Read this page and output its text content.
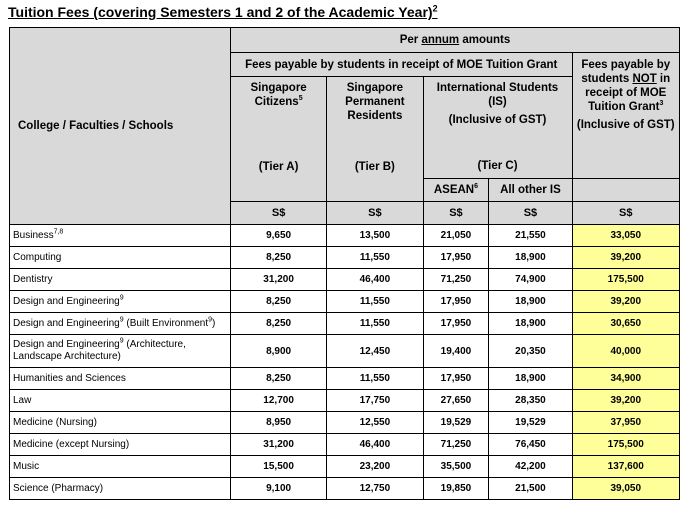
Tuition Fees (covering Semesters 1 and 2 of the Academic Year)$^2$
College / Faculties / Schools	Per annum amounts				
	Fees payable by students in receipt of MOE Tuition Grant				Fees payable by students NOT in receipt of MOE Tuition Grant$^3$
(Inclusive of GST)
	Singapore Citizens$^5$	Singapore Permanent Residents	International Students (IS)
(Inclusive of GST)		

	(Tier A)	(Tier B)	(Tier C)		
			ASEAN$^6$	All other IS	
	S$	S$	S$	S$	S$
Business$^{7,8}$	9,650	13,500	21,050	21,550	33,050
Computing	8,250	11,550	17,950	18,900	39,200
Dentistry	31,200	46,400	71,250	74,900	175,500
Design and Engineering$^9$	8,250	11,550	17,950	18,900	39,200
Design and Engineering$^9$ (Built Environment$^9$)	8,250	11,550	17,950	18,900	30,650
Design and Engineering$^9$ (Architecture, Landscape Architecture)	8,900	12,450	19,400	20,350	40,000
Humanities and Sciences	8,250	11,550	17,950	18,900	34,900
Law	12,700	17,750	27,650	28,350	39,200
Medicine (Nursing)	8,950	12,550	19,529	19,529	37,950
Medicine (except Nursing)	31,200	46,400	71,250	76,450	175,500
Music	15,500	23,200	35,500	42,200	137,600
Science (Pharmacy)	9,100	12,750	19,850	21,500	39,050
